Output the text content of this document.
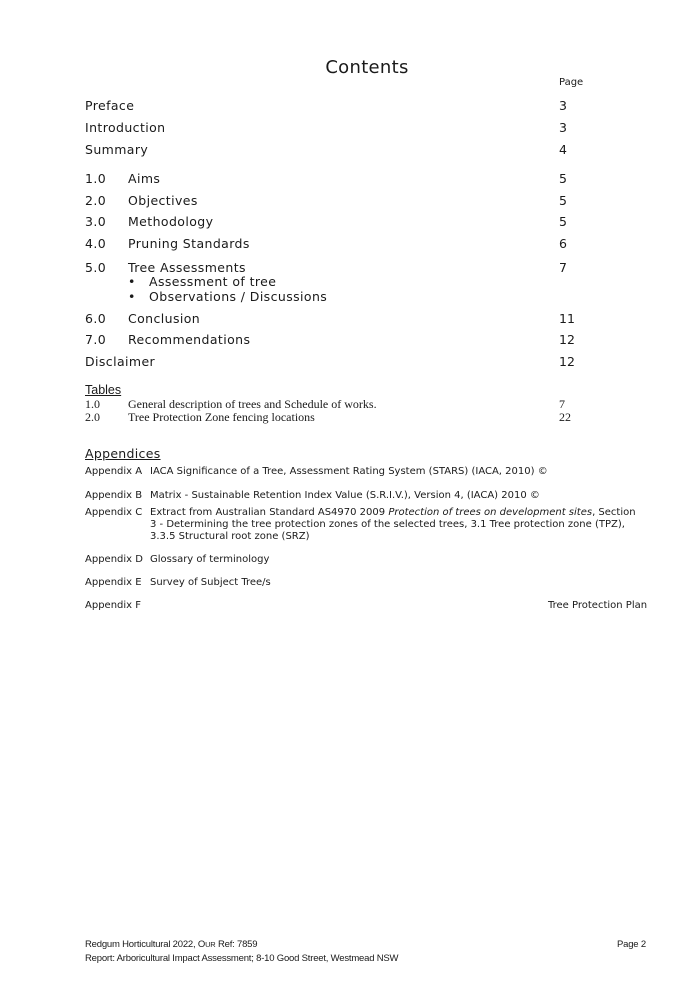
Contents
Page
Preface	3
Introduction	3
Summary	4
1.0 Aims	5
2.0 Objectives	5
3.0 Methodology	5
4.0 Pruning Standards	6
5.0 Tree Assessments	7
Assessment of tree
Observations / Discussions
6.0 Conclusion	11
7.0 Recommendations	12
Disclaimer	12
Tables
1.0 General description of trees and Schedule of works.	7
2.0 Tree Protection Zone fencing locations	22
Appendices
Appendix A IACA Significance of a Tree, Assessment Rating System (STARS) (IACA, 2010) ©
Appendix B Matrix - Sustainable Retention Index Value (S.R.I.V.), Version 4, (IACA) 2010 ©
Appendix C Extract from Australian Standard AS4970 2009 Protection of trees on development sites, Section 3 - Determining the tree protection zones of the selected trees, 3.1 Tree protection zone (TPZ), 3.3.5 Structural root zone (SRZ)
Appendix D Glossary of terminology
Appendix E Survey of Subject Tree/s
Appendix F	Tree Protection Plan
Redgum Horticultural 2022, OUR Ref: 7859
Report: Arboricultural Impact Assessment; 8-10 Good Street, Westmead NSW
Page 2
